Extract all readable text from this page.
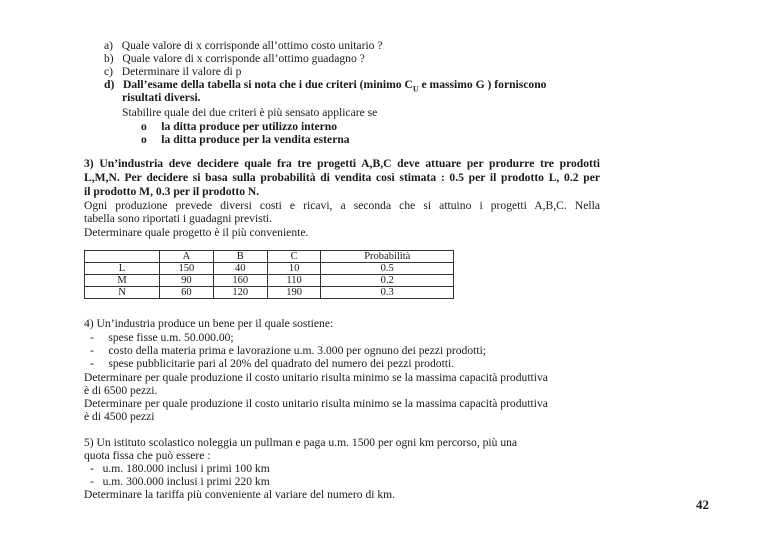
a) Quale valore di x corrisponde all’ottimo costo unitario ?
b) Quale valore di x corrisponde all’ottimo guadagno ?
c) Determinare il valore di p
d) Dall’esame della tabella si nota che i due criteri (minimo $C_U$ e massimo G ) forniscono
risultati diversi.
Stabilire quale dei due criteri è più sensato applicare se
o la ditta produce per utilizzo interno
o la ditta produce per la vendita esterna
3) Un’industria deve decidere quale fra tre progetti A,B,C deve attuare per produrre tre prodotti
L,M,N. Per decidere si basa sulla probabilità di vendita così stimata : 0.5 per il prodotto L, 0.2 per
il prodotto M, 0.3 per il prodotto N.
Ogni produzione prevede diversi costi e ricavi, a seconda che si attuino i progetti A,B,C. Nella
tabella sono riportati i guadagni previsti.
Determinare quale progetto è il più conveniente.
	A	B	C	Probabilità
L	150	40	10	0.5
M	90	160	110	0.2
N	60	120	190	0.3
4) Un’industria produce un bene per il quale sostiene:
- spese fisse u.m. 50.000.00;
- costo della materia prima e lavorazione u.m. 3.000 per ognuno dei pezzi prodotti;
- spese pubblicitarie pari al 20% del quadrato del numero dei pezzi prodotti.
Determinare per quale produzione il costo unitario risulta minimo se la massima capacità produttiva
è di 6500 pezzi.
Determinare per quale produzione il costo unitario risulta minimo se la massima capacità produttiva
è di 4500 pezzi
5) Un istituto scolastico noleggia un pullman e paga u.m. 1500 per ogni km percorso, più una
quota fissa che può essere :
- u.m. 180.000 inclusi i primi 100 km
- u.m. 300.000 inclusi i primi 220 km
Determinare la tariffa più conveniente al variare del numero di km.
42
